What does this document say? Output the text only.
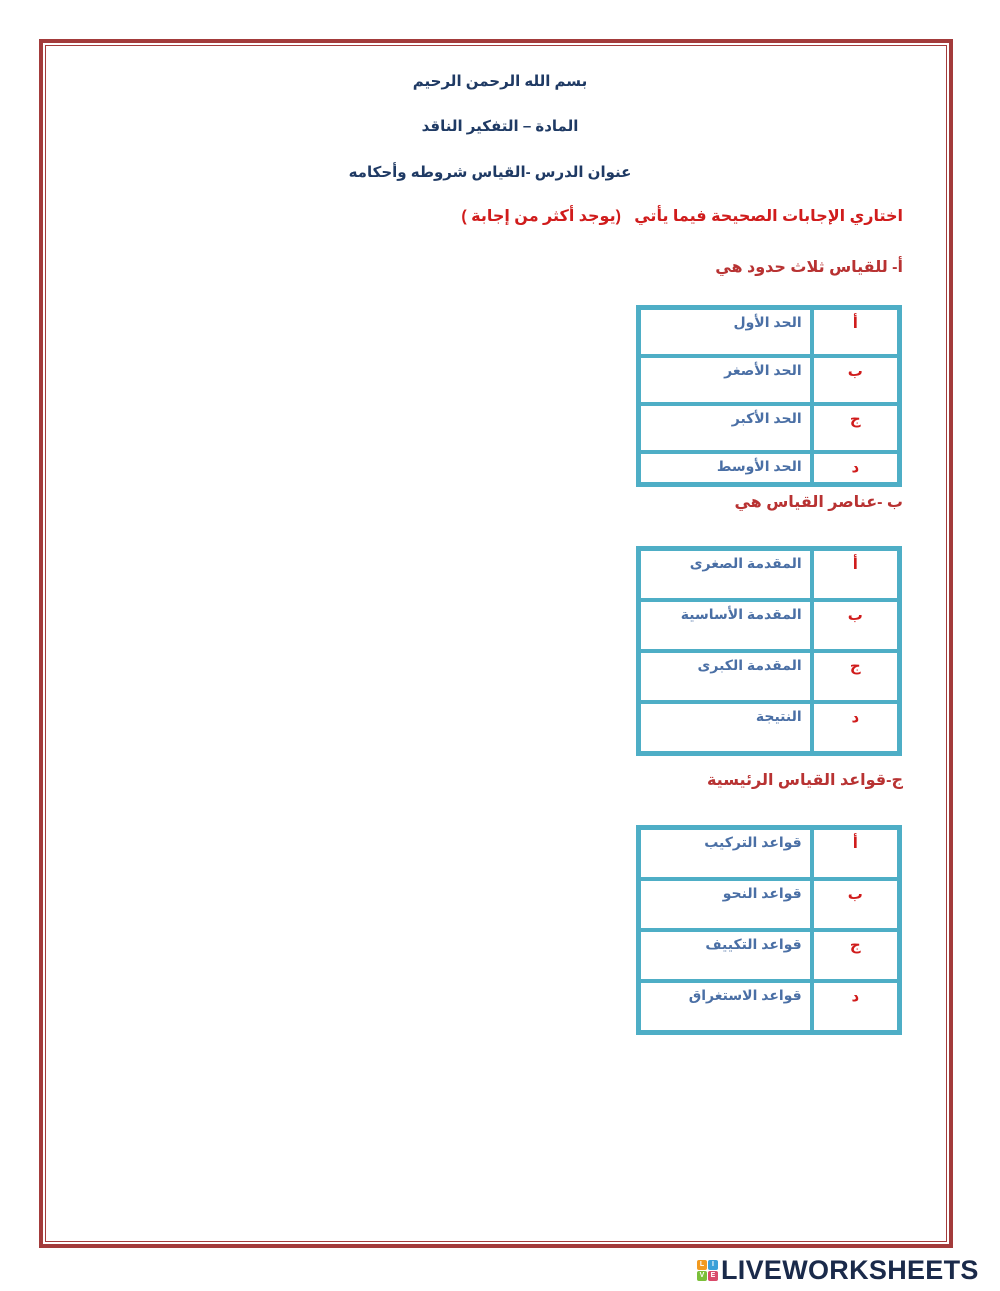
بسم الله الرحمن الرحيم
المادة – التفكير الناقد
عنوان الدرس -القياس شروطه وأحكامه
اختاري الإجابات الصحيحة فيما يأتي   (يوجد أكثر من إجابة )
أ- للقياس ثلاث حدود هي
الحد الأول	أ
الحد الأصغر	ب
الحد الأكبر	ج
الحد الأوسط	د
ب -عناصر القياس هي
المقدمة الصغرى	أ
المقدمة الأساسية	ب
المقدمة الكبرى	ج
النتيجة	د
ج-قواعد القياس الرئيسية
قواعد التركيب	أ
قواعد النحو	ب
قواعد التكييف	ج
قواعد الاستغراق	د
L	I
V E LIVEWORKSHEETS
